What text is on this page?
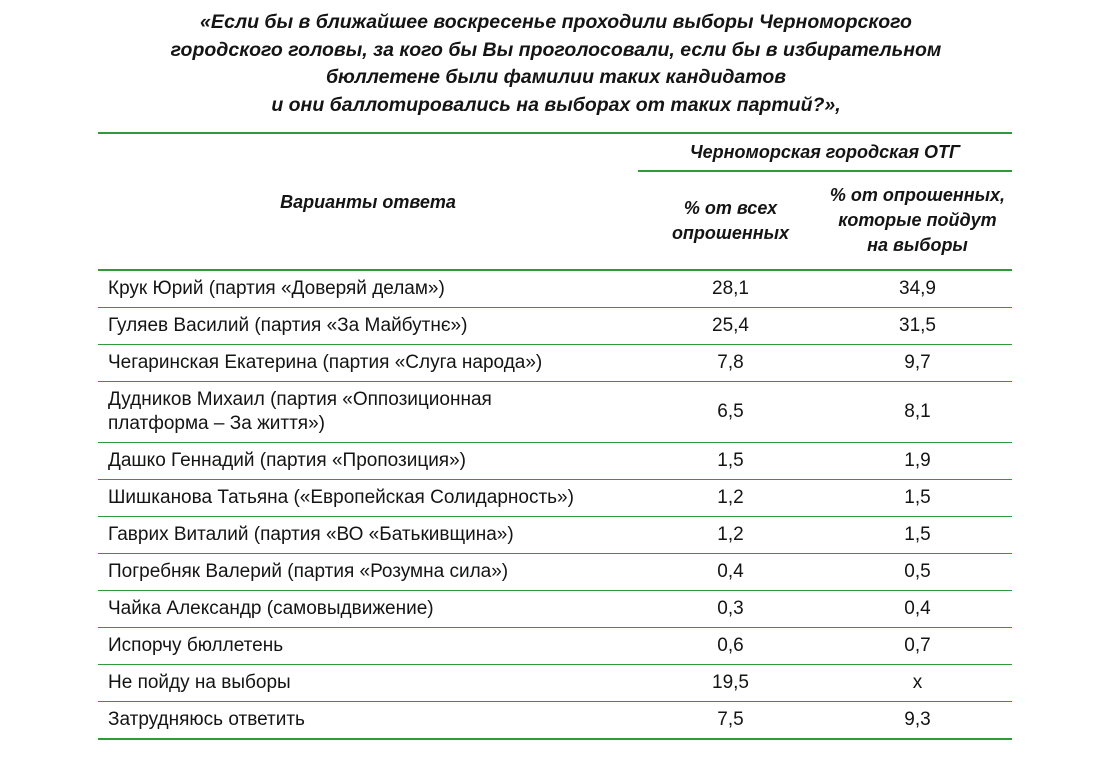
«Если бы в ближайшее воскресенье проходили выборы Черноморского
городского головы, за кого бы Вы проголосовали, если бы в избирательном
бюллетене были фамилии таких кандидатов
и они баллотировались на выборах от таких партий?»,
Варианты ответа	Черноморская городская ОТГ	

	% от всех опрошенных	% от опрошенных, которые пойдут на выборы

Крук Юрий (партия «Доверяй делам»)	28,1	34,9
Гуляев Василий (партия «За Майбутнє»)	25,4	31,5
Чегаринская Екатерина (партия «Слуга народа»)	7,8	9,7

Дудников Михаил (партия «Оппозиционная платформа – За життя»)	6,5	8,1
Дашко Геннадий (партия «Пропозиция»)	1,5	1,9
Шишканова Татьяна («Европейская Солидарность»)	1,2	1,5
Гаврих Виталий (партия «ВО «Батькивщина»)	1,2	1,5
Погребняк Валерий (партия «Розумна сила»)	0,4	0,5
Чайка Александр (самовыдвижение)	0,3	0,4
Испорчу бюллетень	0,6	0,7
Не пойду на выборы	19,5	х
Затрудняюсь ответить	7,5	9,3
